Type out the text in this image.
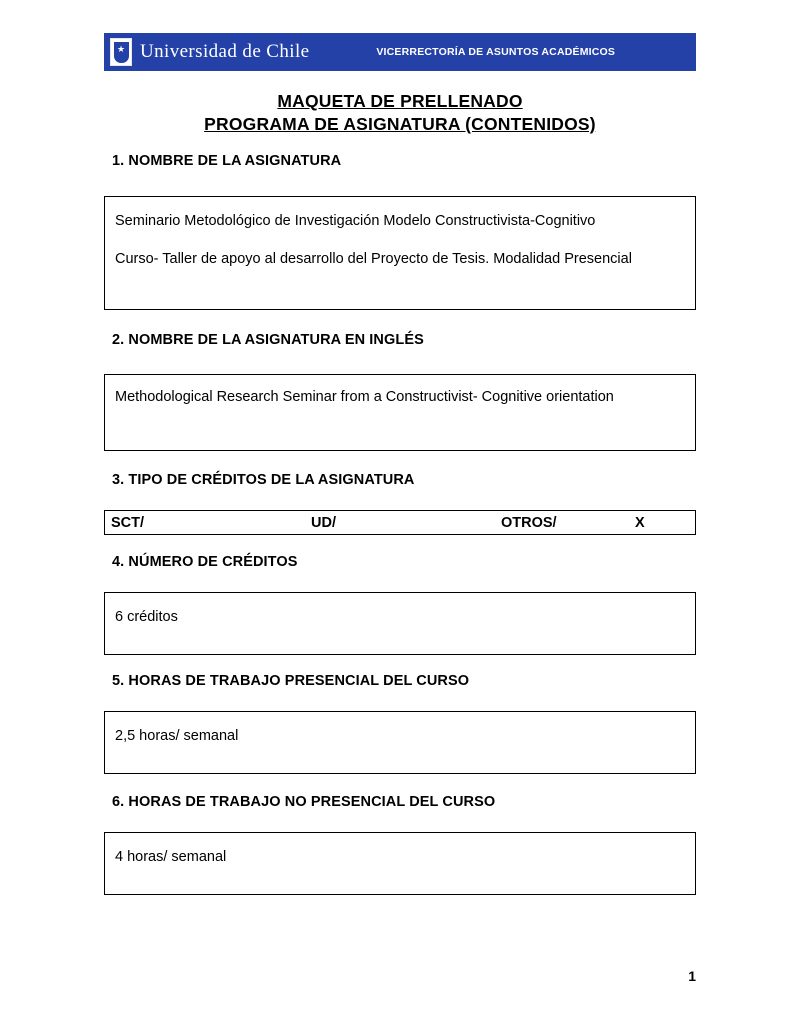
★ Universidad de Chile	VICERRECTORÍA DE ASUNTOS ACADÉMICOS
MAQUETA DE PRELLENADO
PROGRAMA DE ASIGNATURA (CONTENIDOS)
1. NOMBRE DE LA ASIGNATURA

Seminario Metodológico de Investigación Modelo Constructivista-Cognitivo

Curso- Taller de apoyo al desarrollo del Proyecto de Tesis. Modalidad Presencial

2. NOMBRE DE LA ASIGNATURA EN INGLÉS

Methodological Research Seminar from a Constructivist- Cognitive orientation

3. TIPO DE CRÉDITOS DE LA ASIGNATURA
SCT/	UD/	OTROS/	X
4. NÚMERO DE CRÉDITOS

6 créditos

5. HORAS DE TRABAJO PRESENCIAL DEL CURSO

2,5 horas/ semanal

6. HORAS DE TRABAJO NO PRESENCIAL DEL CURSO

4 horas/ semanal

1
